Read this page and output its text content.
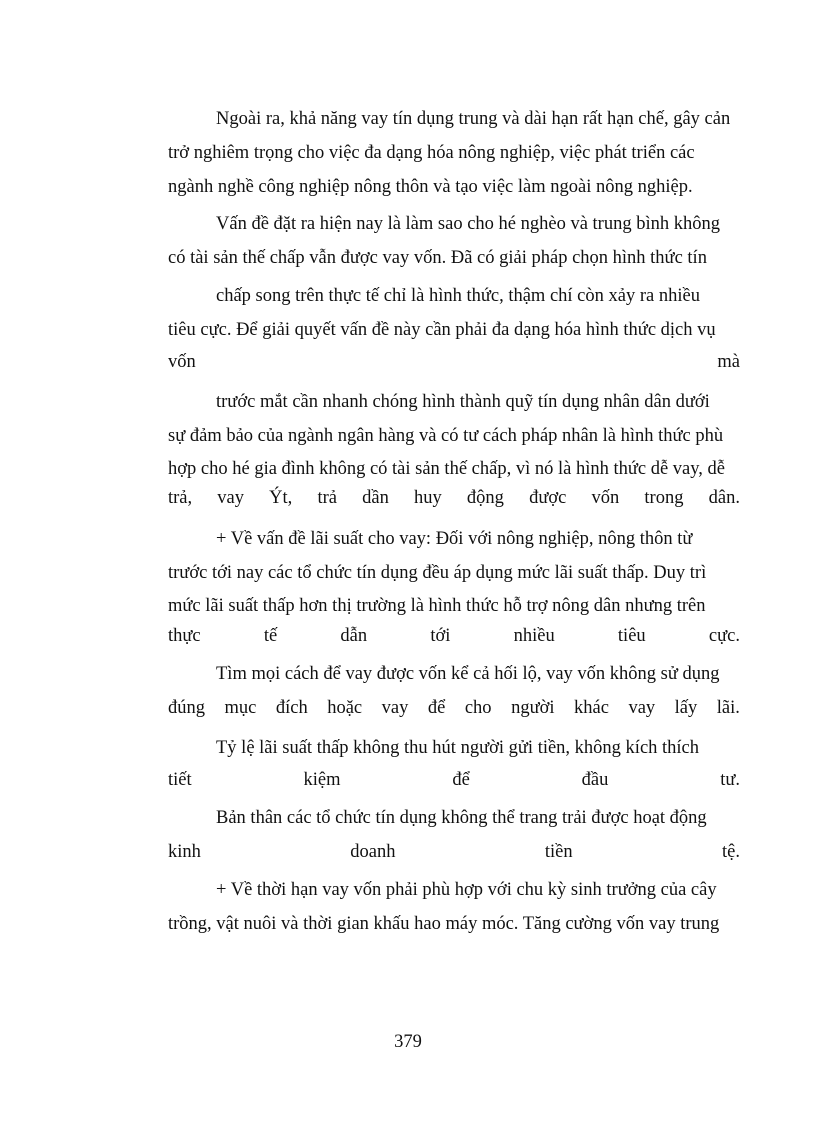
Ngoài ra, khả năng vay tín dụng trung và dài hạn rất hạn chế, gây cản
trở nghiêm trọng cho việc đa dạng hóa nông nghiệp, việc phát triển các
ngành nghề công nghiệp nông thôn và tạo việc làm ngoài nông nghiệp.
Vấn đề đặt ra hiện nay là làm sao cho hé nghèo và trung bình không
có tài sản thế chấp vẫn được vay vốn. Đã có giải pháp chọn hình thức tín
chấp song trên thực tế chỉ là hình thức, thậm chí còn xảy ra nhiều
tiêu cực. Để giải quyết vấn đề này cần phải đa dạng hóa hình thức dịch vụ
vốn	mà
trước mắt cần nhanh chóng hình thành quỹ tín dụng nhân dân dưới
sự đảm bảo của ngành ngân hàng và có tư cách pháp nhân là hình thức phù
hợp cho hé gia đình không có tài sản thế chấp, vì nó là hình thức dễ vay, dễ
trả, vay Ýt, trả dần huy động được vốn trong dân.
+ Về vấn đề lãi suất cho vay: Đối với nông nghiệp, nông thôn từ
trước tới nay các tổ chức tín dụng đều áp dụng mức lãi suất thấp. Duy trì
mức lãi suất thấp hơn thị trường là hình thức hỗ trợ nông dân nhưng trên
thực	tế	dẫn	tới	nhiều	tiêu	cực.
Tìm mọi cách để vay được vốn kể cả hối lộ, vay vốn không sử dụng
đúng mục đích hoặc vay để cho người khác vay lấy lãi.
Tỷ lệ lãi suất thấp không thu hút người gửi tiền, không kích thích
tiết	kiệm	để	đầu	tư.
Bản thân các tổ chức tín dụng không thể trang trải được hoạt động
kinh	doanh	tiền	tệ.
+ Về thời hạn vay vốn phải phù hợp với chu kỳ sinh trưởng của cây
trồng, vật nuôi và thời gian khấu hao máy móc. Tăng cường vốn vay trung
379
